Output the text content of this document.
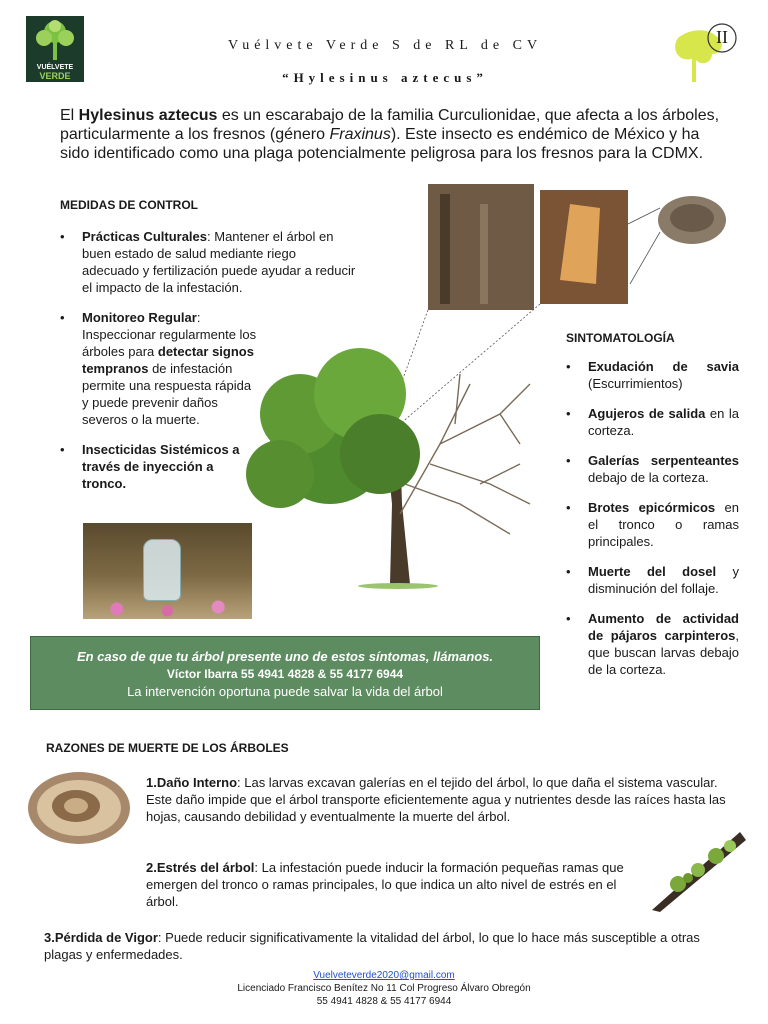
VUÉLVETE
VERDE
Vuélvete Verde S de RL de CV
“Hylesinus aztecus”
II
El Hylesinus aztecus es un escarabajo de la familia Curculionidae, que afecta a los árboles, particularmente a los fresnos (género Fraxinus). Este insecto es endémico de México y ha sido identificado como una plaga potencialmente peligrosa para los fresnos para la CDMX.
MEDIDAS DE CONTROL
• Prácticas Culturales: Mantener el árbol en buen estado de salud mediante riego adecuado y fertilización puede ayudar a reducir el impacto de la infestación.
• Monitoreo Regular: Inspeccionar regularmente los árboles para detectar signos tempranos de infestación permite una respuesta rápida y puede prevenir daños severos o la muerte.
• Insecticidas Sistémicos a través de inyección a tronco.
SINTOMATOLOGÍA
• Exudación de savia (Escurrimientos)
• Agujeros de salida en la corteza.
• Galerías serpenteantes debajo de la corteza.
• Brotes epicórmicos en el tronco o ramas principales.
• Muerte del dosel y disminución del follaje.
• Aumento de actividad de pájaros carpinteros, que buscan larvas debajo de la corteza.
En caso de que tu árbol presente uno de estos síntomas, llámanos.
Víctor Ibarra 55 4941 4828 & 55 4177 6944
La intervención oportuna puede salvar la vida del árbol
RAZONES DE MUERTE DE LOS ÁRBOLES
1.Daño Interno: Las larvas excavan galerías en el tejido del árbol, lo que daña el sistema vascular. Este daño impide que el árbol transporte eficientemente agua y nutrientes desde las raíces hasta las hojas, causando debilidad y eventualmente la muerte del árbol.
2.Estrés del árbol: La infestación puede inducir la formación pequeñas ramas que emergen del tronco o ramas principales, lo que indica un alto nivel de estrés en el árbol.
3.Pérdida de Vigor: Puede reducir significativamente la vitalidad del árbol, lo que lo hace más susceptible a otras plagas y enfermedades.
Vuelveteverde2020@gmail.com
Licenciado Francisco Benítez No 11 Col Progreso Álvaro Obregón
55 4941 4828 & 55 4177 6944
